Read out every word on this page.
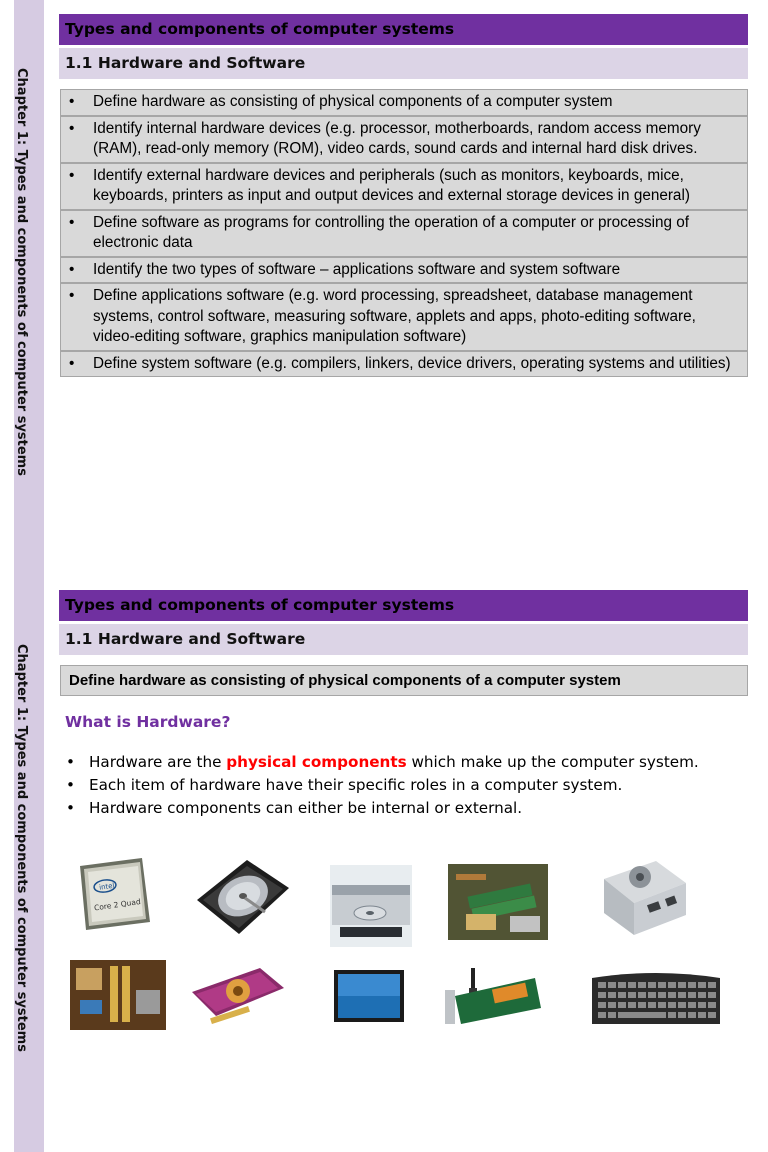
Chapter 1: Types and components of computer systems
Types and components of computer systems
1.1 Hardware and Software
•	Define hardware as consisting of physical components of a computer system

•	Identify internal hardware devices (e.g. processor, motherboards, random access memory (RAM), read-only memory (ROM), video cards, sound cards and internal hard disk drives.

•	Identify external hardware devices and peripherals (such as monitors, keyboards, mice, keyboards, printers as input and output devices and external storage devices in general)

•	Define software as programs for controlling the operation of a computer or processing of electronic data

•	Identify the two types of software – applications software and system software

•	Define applications software (e.g. word processing, spreadsheet, database management systems, control software, measuring software, applets and apps, photo-editing software, video-editing software, graphics manipulation software)

•	Define system software (e.g. compilers, linkers, device drivers, operating systems and utilities)
Chapter 1: Types and components of computer systems
Types and components of computer systems
1.1 Hardware and Software
Define hardware as consisting of physical components of a computer system
What is Hardware?
• Hardware are the physical components which make up the computer system.
• Each item of hardware have their specific roles in a computer system.
• Hardware components can either be internal or external.
intel
Core 2 Quad
